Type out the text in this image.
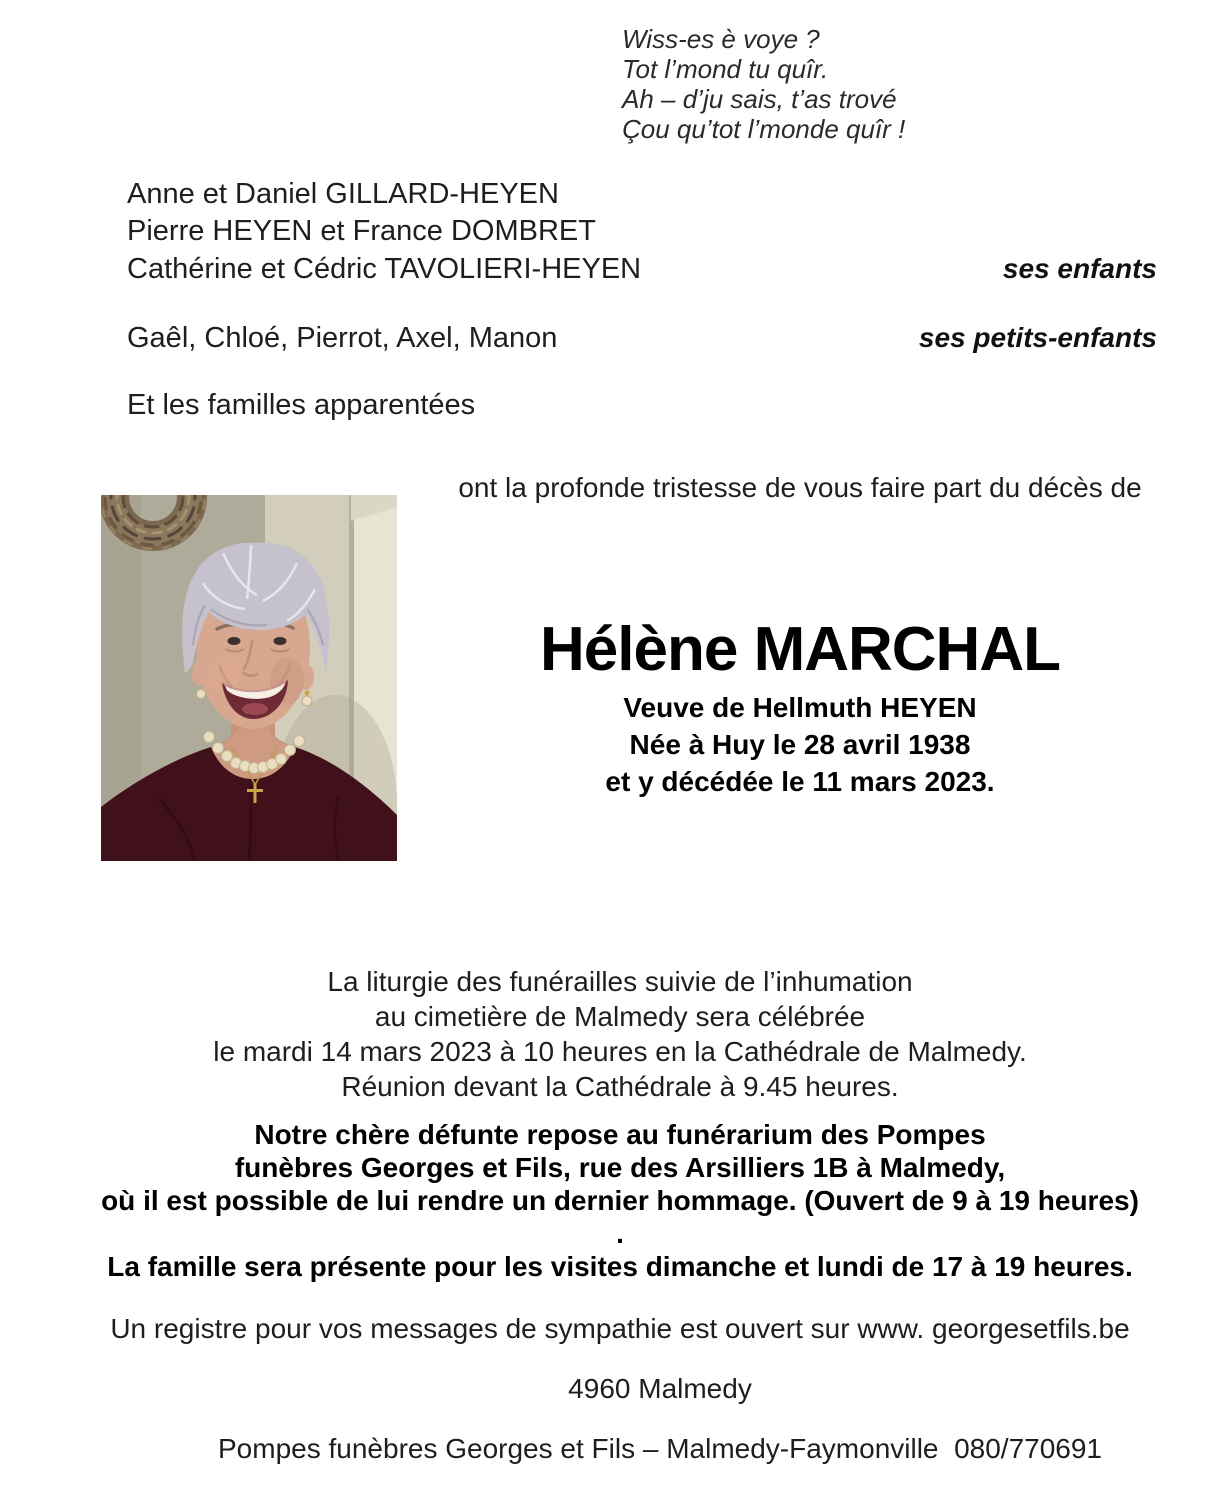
Wiss-es è voye ?
Tot l’mond tu quîr.
Ah – d’ju sais, t’as trové
Çou qu’tot l’monde quîr !
Anne et Daniel GILLARD-HEYEN
Pierre HEYEN et France DOMBRET
Cathérine et Cédric TAVOLIERI-HEYEN	ses enfants
Gaêl, Chloé, Pierrot, Axel, Manon	ses petits-enfants
Et les familles apparentées
ont la profonde tristesse de vous faire part du décès de
Hélène MARCHAL
Veuve de Hellmuth HEYEN
Née à Huy le 28 avril 1938
et y décédée le 11 mars 2023.
La liturgie des funérailles suivie de l’inhumation
au cimetière de Malmedy sera célébrée
le mardi 14 mars 2023 à 10 heures en la Cathédrale de Malmedy.
Réunion devant la Cathédrale à 9.45 heures.
Notre chère défunte repose au funérarium des Pompes
funèbres Georges et Fils, rue des Arsilliers 1B à Malmedy,
où il est possible de lui rendre un dernier hommage. (Ouvert de 9 à 19 heures)
.
La famille sera présente pour les visites dimanche et lundi de 17 à 19 heures.
Un registre pour vos messages de sympathie est ouvert sur www. georgesetfils.be
4960 Malmedy
Pompes funèbres Georges et Fils – Malmedy-Faymonville  080/770691
